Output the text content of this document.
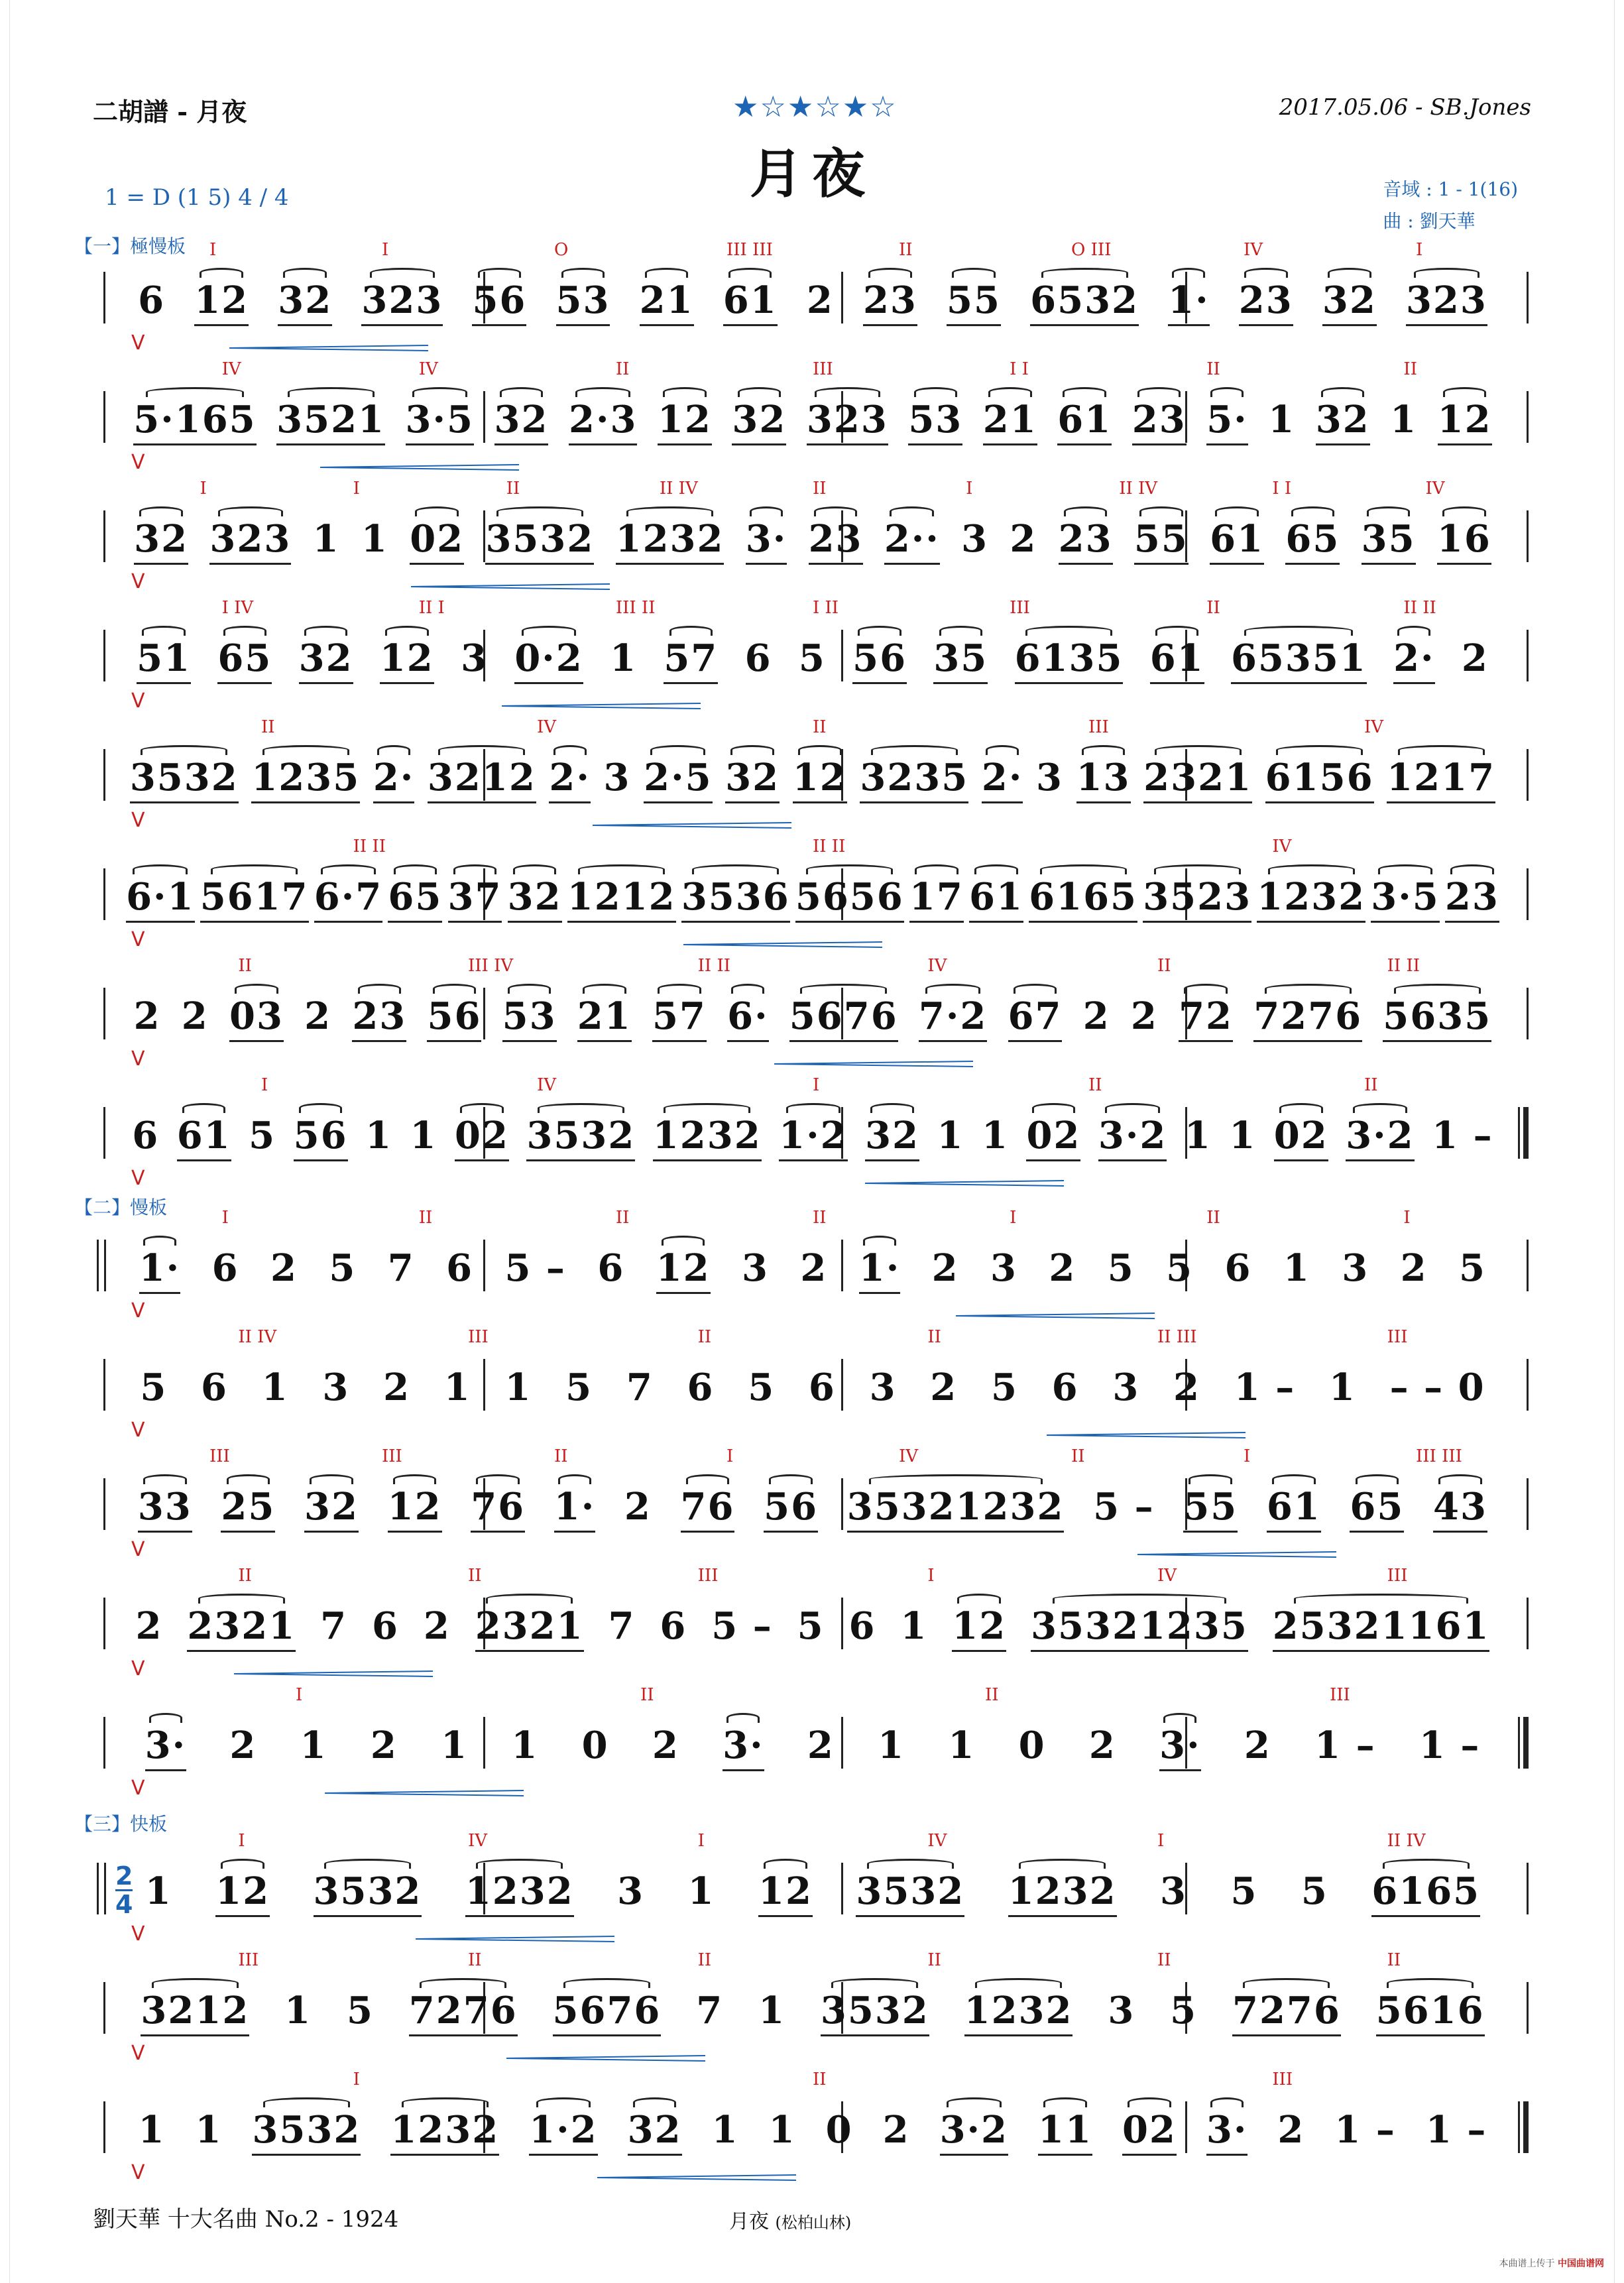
二胡譜 - 月夜	★☆★☆★☆	2017.05.06 - SB.Jones
月夜
1 = D (1 5) 4 / 4	音域 : 1 - 1(16)
曲 : 劉天華
【一】極慢板
【二】慢板
【三】快板
2
4
I	I	O	III III	II	O III	IV	I
6 12 32 323 56 53 21 61 2 23 55 6532 1· 23 32 323
V
IV	IV	II	III	I I	II	II
5·165 3521 3·5 32 2·3 12 32 323 53 21 61 23 5· 1 32 1 12
V
I	I	II	II IV	II	I	II IV	I I	IV
32 323 1 1 02 3532 1232 3· 23 2·· 3 2 23 55 61 65 35 16
V
I IV	II I	III II	I II	III	II	II II
51 65 32 12 3 0·2 1 57 6 5 56 35 6135 61 65351 2· 2
V
II	IV	II	III	IV
3532 1235 2· 3212 2· 3 2·5 32 12 3235 2· 3 13 2321 6156 1217
V
II II	II II	IV
6·1 5617 6·7 65 37 32 1212 3536 5656 17 61 6165 3523 1232 3·5 23
V
II	III IV	II II	IV	II	II II
2 2 03 2 23 56 53 21 57 6· 5676 7·2 67 2 2 72 7276 5635
V
I	IV	I	II	II
6 61 5 56 1 1 02 3532 1232 1·2 32 1 1 02 3·2 1 1 02 3·2 1 –
V
I	II	II	II	I	II	I
1· 6 2 5 7 6 5 – 6 12 3 2 1· 2 3 2 5 5 6 1 3 2 5
V
II IV	III	II	II	II III	III
5 6 1 3 2 1 1 5 7 6 5 6 3 2 5 6 3 2 1 – 1 – – 0
V
III	III	II	I	IV	II	I	III III
33 25 32 12 76 1· 2 76 56 35321232 5 – 55 61 65 43
V
II	II	III	I	IV	III
2 2321 7 6 2 2321 7 6 5 – 5 6 1 12 35321235 25321161
V
I	II	II	III
3· 2 1 2 1 1 0 2 3· 2 1 1 0 2 3· 2 1 – 1 –
V
I	IV	I	IV	I	II IV
1 12 3532 1232 3 1 12 3532 1232 3 5 5 6165
V
III	II	II	II	II	II
3212 1 5 7276 5676 7 1 3532 1232 3 5 7276 5616
V
I	II	III
1 1 3532 1232 1·2 32 1 1 0 2 3·2 11 02 3· 2 1 – 1 –
V
劉天華 十大名曲 No.2 - 1924	月夜 (松柏山林)
本曲谱上传于 中国曲谱网
